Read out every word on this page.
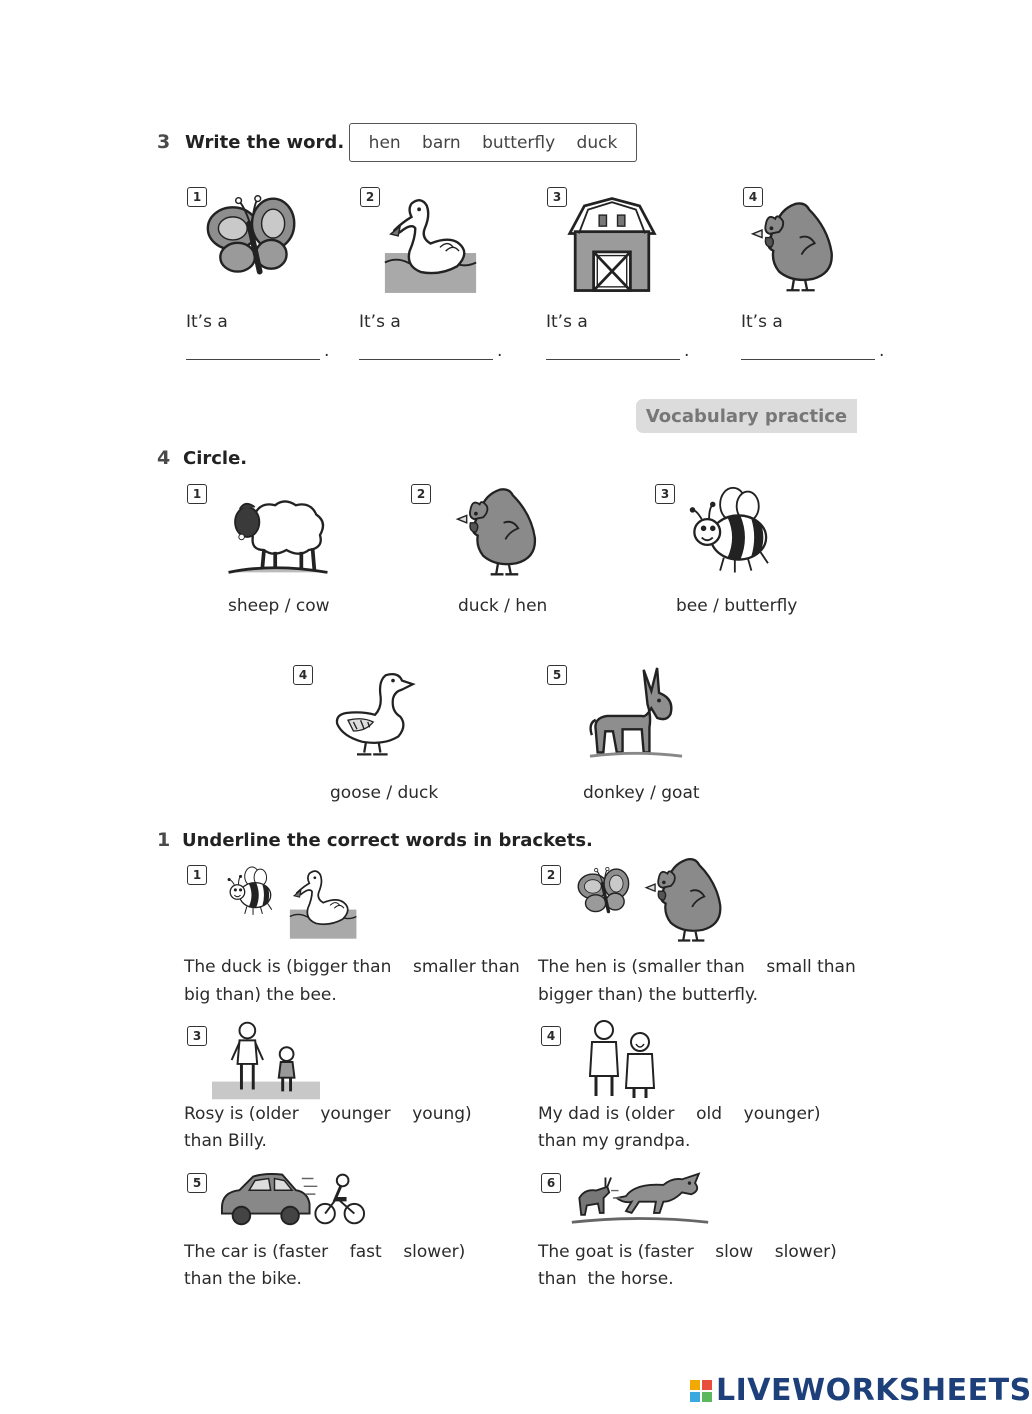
3 Write the word. hen barn butterfly duck
1
It’s a
.
2
It’s a
.
3
It’s a
.
4
It’s a
.
Vocabulary practice
4 Circle.
1
sheep / cow
2
duck / hen
3
bee / butterfly
4
goose / duck
5
donkey / goat
1 Underline the correct words in brackets.
1
The duck is (bigger than    smaller than
big than) the bee.
2
The hen is (smaller than    small than
bigger than) the butterfly.
3
Rosy is (older    younger    young)
than Billy.
4
My dad is (older    old    younger)
than my grandpa.
5
The car is (faster    fast    slower)
than the bike.
6
The goat is (faster    slow    slower)
than  the horse.
LIVEWORKSHEETS
